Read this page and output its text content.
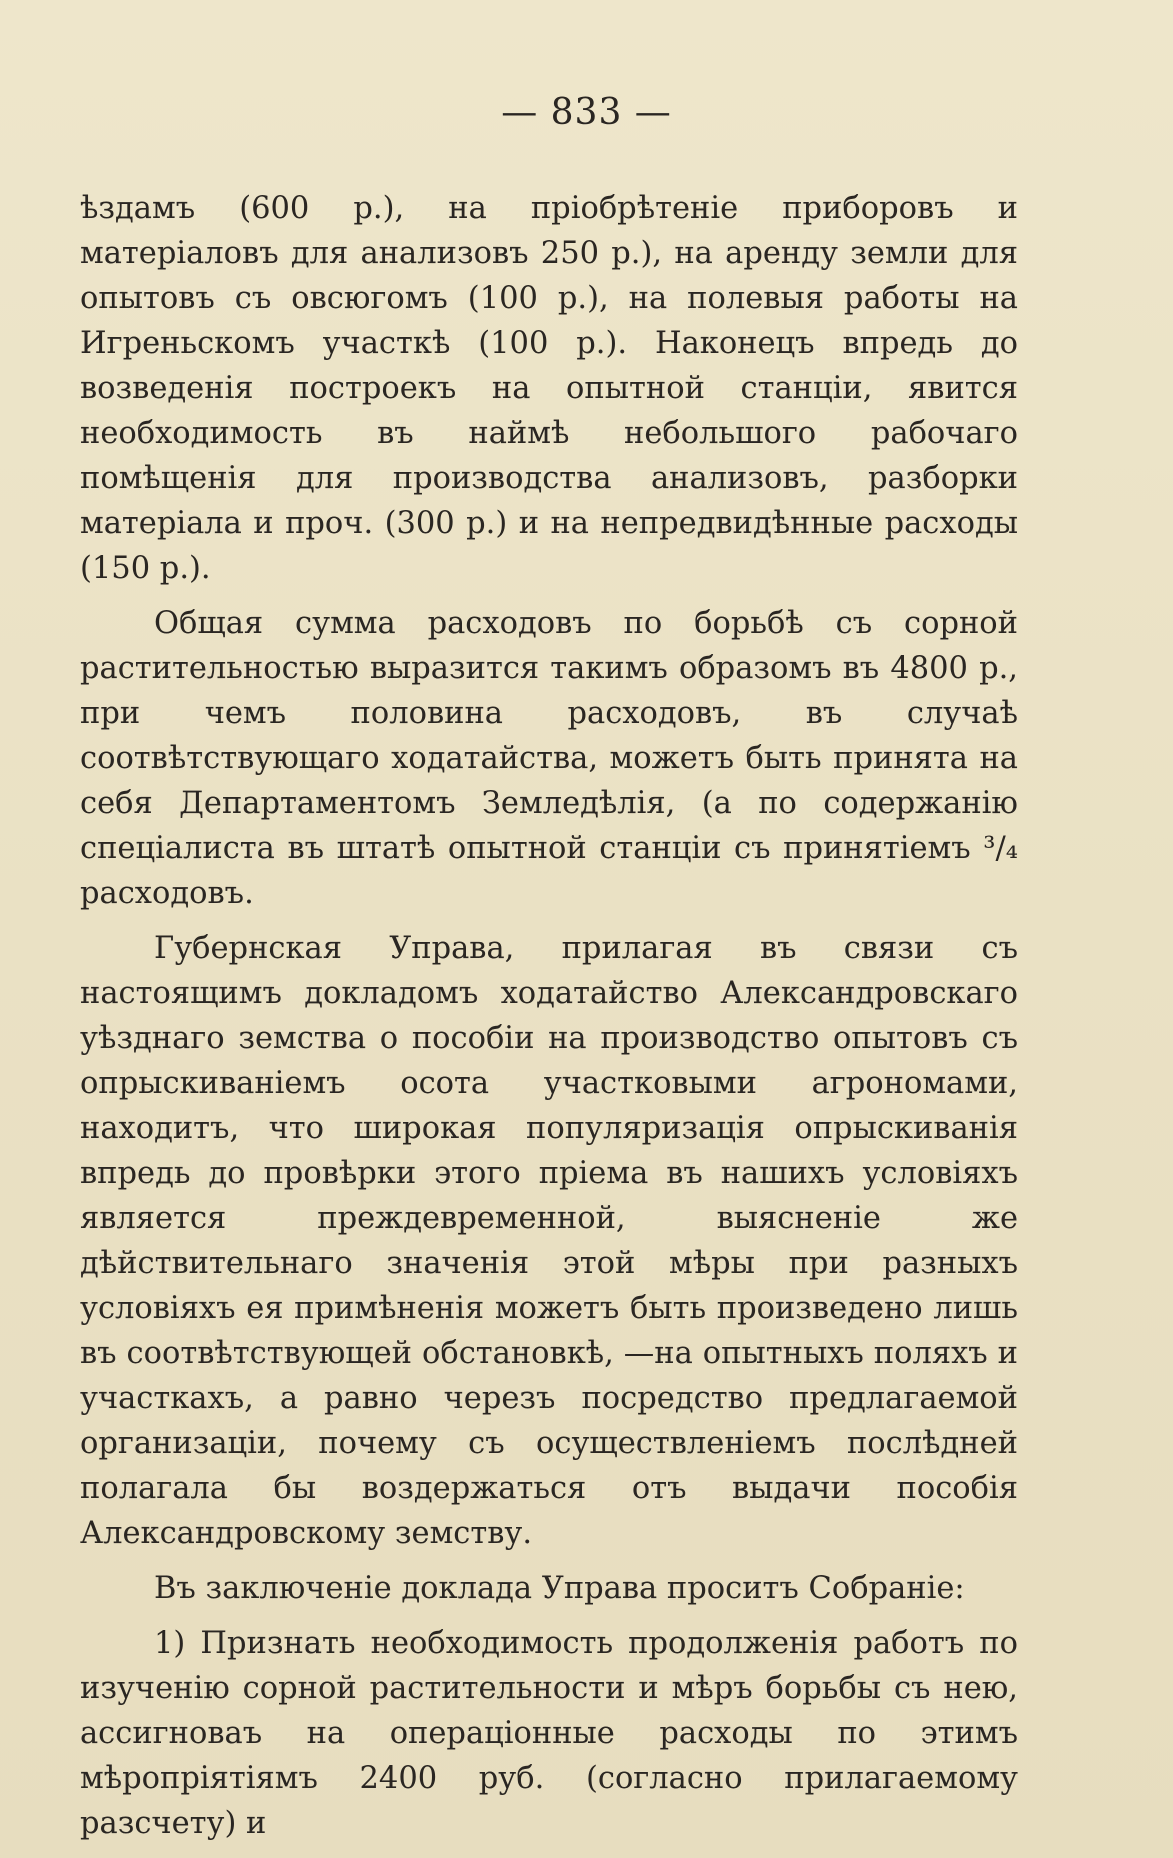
— 833 —

ѣздамъ (600 р.), на пріобрѣтеніе приборовъ и матеріаловъ для анализовъ 250 р.), на аренду земли для опытовъ съ овсюгомъ (100 р.), на полевыя работы на Игреньскомъ участкѣ (100 р.). Наконецъ впредь до возведенія построекъ на опытной станціи, явится необходимость въ наймѣ небольшого рабочаго помѣщенія для производства анализовъ, разборки матеріала и проч. (300 р.) и на непредвидѣнные расходы (150 р.).

Общая сумма расходовъ по борьбѣ съ сорной растительностью выразится такимъ образомъ въ 4800 р., при чемъ половина расходовъ, въ случаѣ соотвѣтствующаго ходатайства, можетъ быть принята на себя Департаментомъ Земледѣлія, (а по содержанію спеціалиста въ штатѣ опытной станціи съ принятіемъ ³/₄ расходовъ.

Губернская Управа, прилагая въ связи съ настоящимъ докладомъ ходатайство Александровскаго уѣзднаго земства о пособіи на производство опытовъ съ опрыскиваніемъ осота участковыми агрономами, находитъ, что широкая популяризація опрыскиванія впредь до провѣрки этого пріема въ нашихъ условіяхъ является преждевременной, выясненіе же дѣйствительнаго значенія этой мѣры при разныхъ условіяхъ ея примѣненія можетъ быть произведено лишь въ соотвѣтствующей обстановкѣ, —на опытныхъ поляхъ и участкахъ, а равно черезъ посредство предлагаемой организаціи, почему съ осуществленіемъ послѣдней полагала бы воздержаться отъ выдачи пособія Александровскому земству.

Въ заключеніе доклада Управа проситъ Собраніе:

1) Признать необходимость продолженія работъ по изученію сорной растительности и мѣръ борьбы съ нею, ассигноваъ на операціонные расходы по этимъ мѣропріятіямъ 2400 руб. (согласно прилагаемому разсчету) и
